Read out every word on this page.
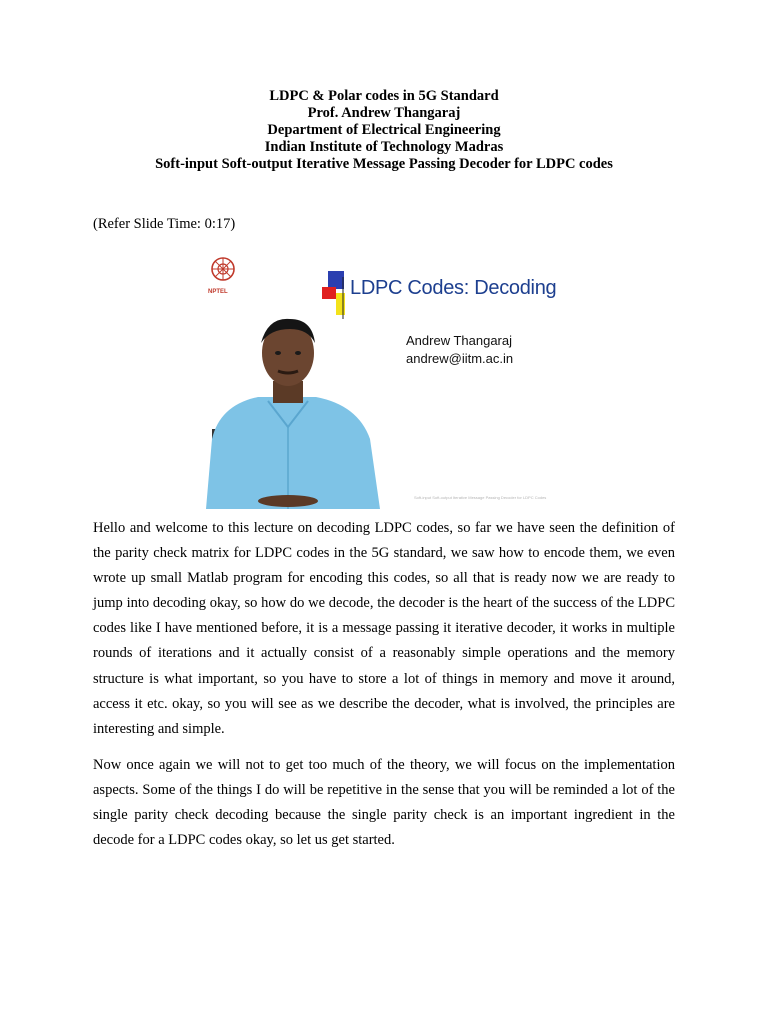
LDPC & Polar codes in 5G Standard
Prof. Andrew Thangaraj
Department of Electrical Engineering
Indian Institute of Technology Madras
Soft-input Soft-output Iterative Message Passing Decoder for LDPC codes
(Refer Slide Time: 0:17)
NPTEL	LDPC Codes: Decoding
Andrew Thangaraj
andrew@iitm.ac.in
Soft-input Soft-output Iterative Message Passing Decoder for LDPC Codes

Hello and welcome to this lecture on decoding LDPC codes, so far we have seen the definition of the parity check matrix for LDPC codes in the 5G standard, we saw how to encode them, we even wrote up small Matlab program for encoding this codes, so all that is ready now we are ready to jump into decoding okay, so how do we decode, the decoder is the heart of the success of the LDPC codes like I have mentioned before, it is a message passing it iterative decoder, it works in multiple rounds of iterations and it actually consist of a reasonably simple operations and the memory structure is what important, so you have to store a lot of things in memory and move it around, access it etc. okay, so you will see as we describe the decoder, what is involved, the principles are interesting and simple.

Now once again we will not to get too much of the theory, we will focus on the implementation aspects. Some of the things I do will be repetitive in the sense that you will be reminded a lot of the single parity check decoding because the single parity check is an important ingredient in the decode for a LDPC codes okay, so let us get started.
